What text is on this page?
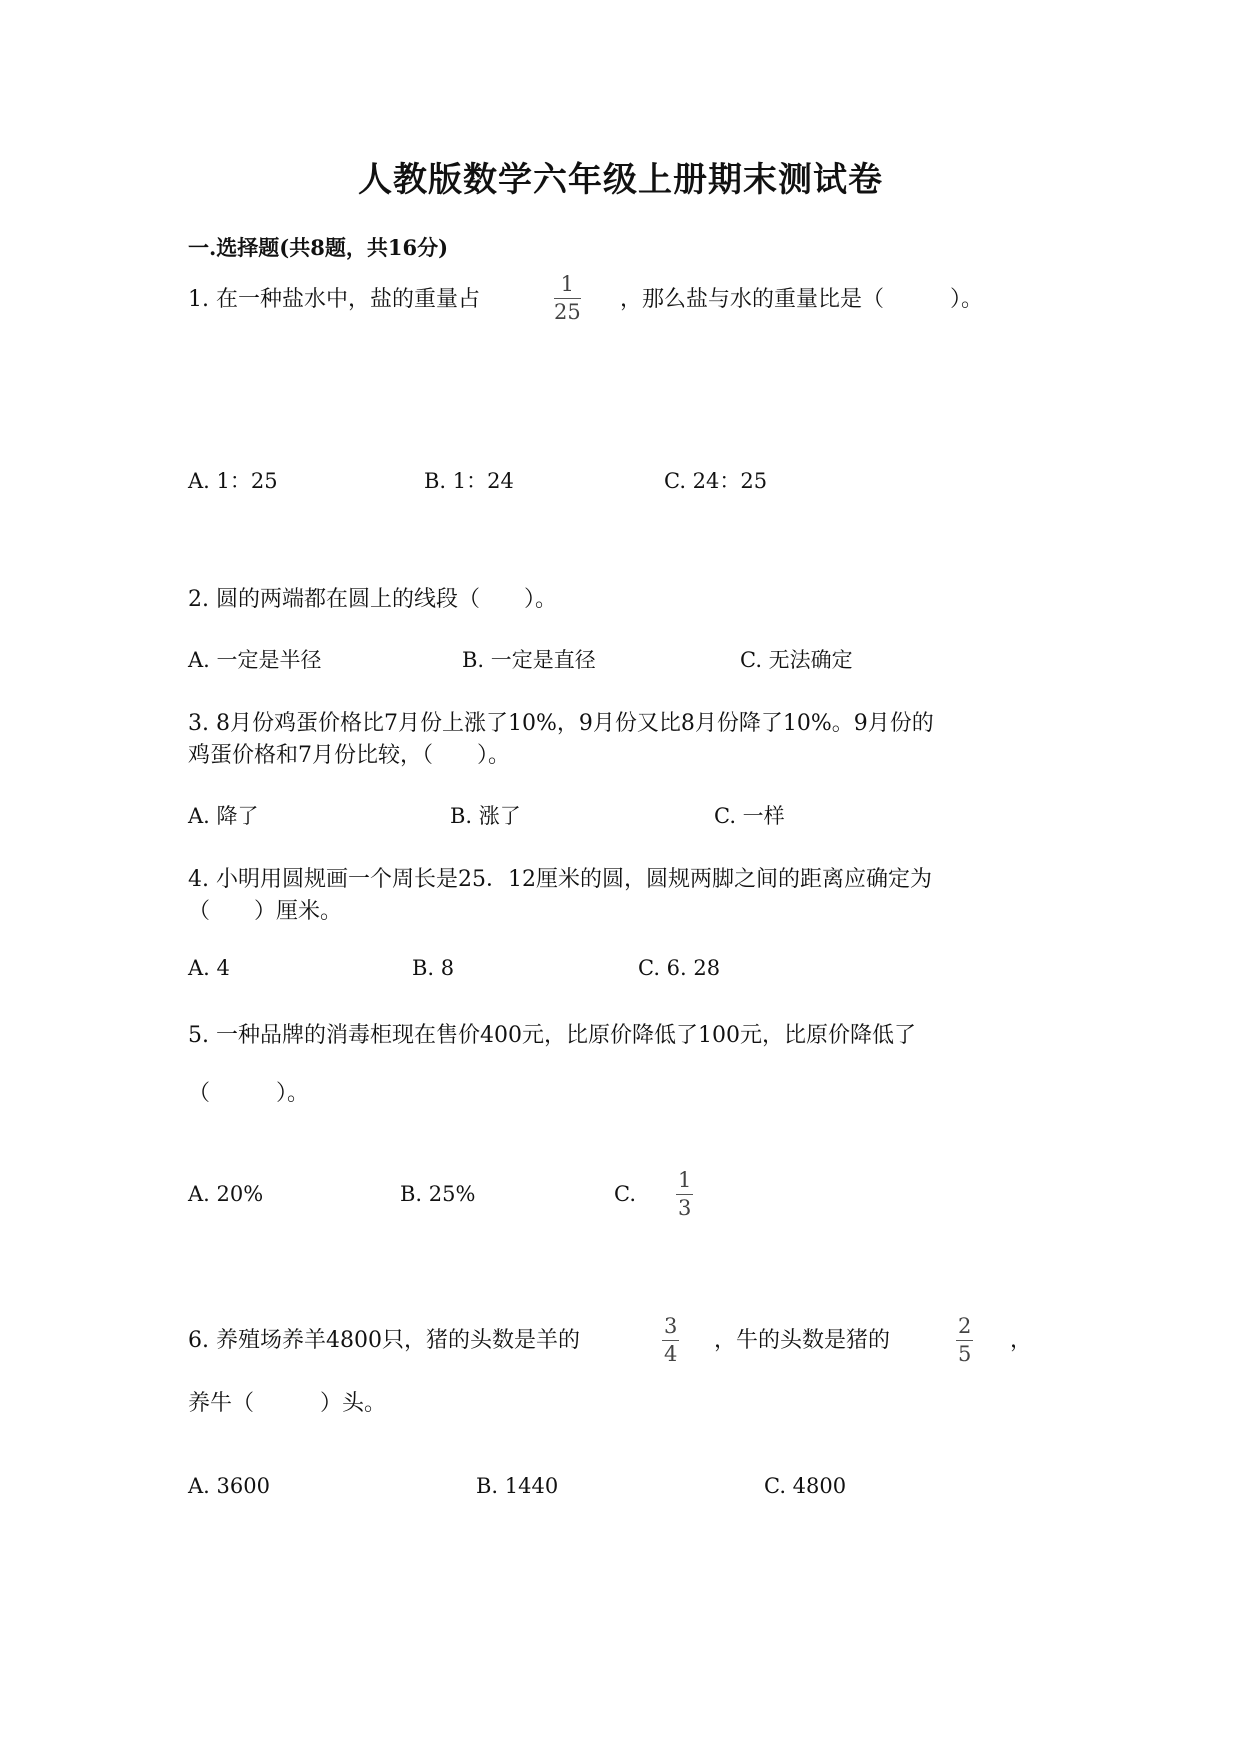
人教版数学六年级上册期末测试卷
一.选择题(共8题，共16分)
1. 在一种盐水中，盐的重量占
1
25 ，那么盐与水的重量比是（　　　）。
A. 1：25	B. 1：24	C. 24：25
2. 圆的两端都在圆上的线段（　　）。
A. 一定是半径	B. 一定是直径	C. 无法确定
3. 8月份鸡蛋价格比7月份上涨了10%，9月份又比8月份降了10%。9月份的
鸡蛋价格和7月份比较，（　　）。
A. 降了	B. 涨了	C. 一样
4. 小明用圆规画一个周长是25．12厘米的圆，圆规两脚之间的距离应确定为
（　　）厘米。
A. 4	B. 8	C. 6. 28
5. 一种品牌的消毒柜现在售价400元，比原价降低了100元，比原价降低了
（　　　）。
A. 20%	B. 25%	C.
1
3
6. 养殖场养羊4800只，猪的头数是羊的
3
4
，牛的头数是猪的
2
5
，
养牛（　　　）头。
A. 3600	B. 1440	C. 4800
